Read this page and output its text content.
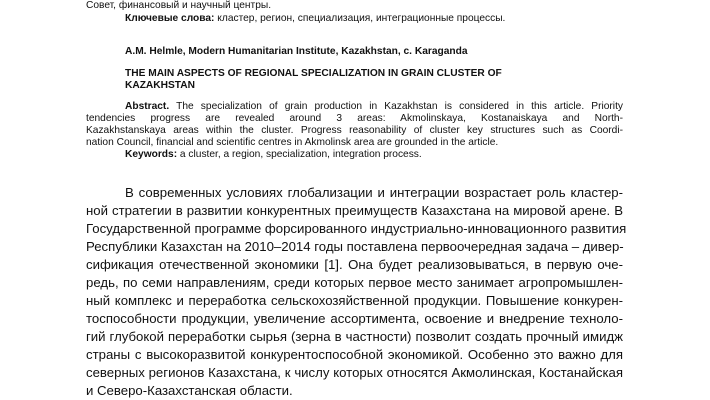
Совет, финансовый и научный центры.
Ключевые слова: кластер, регион, специализация, интеграционные процессы.
A.M. Helmle, Modern Humanitarian Institute, Kazakhstan, c. Karaganda
THE MAIN ASPECTS OF REGIONAL SPECIALIZATION IN GRAIN CLUSTER OF
KAZAKHSTAN
Abstract. The specialization of grain production in Kazakhstan is considered in this article. Priority
tendencies progress are revealed around 3 areas: Akmolinskaya, Kostanaiskaya and North-
Kazakhstanskaya areas within the cluster. Progress reasonability of cluster key structures such as Coordi-
nation Council, financial and scientific centres in Akmolinsk area are grounded in the article.
Keywords: a cluster, a region, specialization, integration process.
В современных условиях глобализации и интеграции возрастает роль кластер-
ной стратегии в развитии конкурентных преимуществ Казахстана на мировой арене. В
Государственной программе форсированного индустриально-инновационного развития
Республики Казахстан на 2010–2014 годы поставлена первоочередная задача – дивер-
сификация отечественной экономики [1]. Она будет реализовываться, в первую оче-
редь, по семи направлениям, среди которых первое место занимает агропромышлен-
ный комплекс и переработка сельскохозяйственной продукции. Повышение конкурен-
тоспособности продукции, увеличение ассортимента, освоение и внедрение техноло-
гий глубокой переработки сырья (зерна в частности) позволит создать прочный имидж
страны с высокоразвитой конкурентоспособной экономикой. Особенно это важно для
северных регионов Казахстана, к числу которых относятся Акмолинская, Костанайская
и Северо-Казахстанская области.
